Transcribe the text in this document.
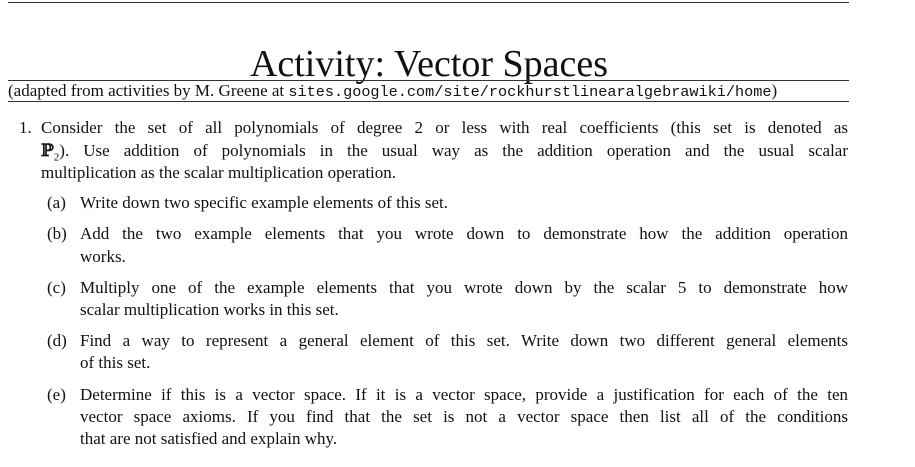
Activity: Vector Spaces
(adapted from activities by M. Greene at sites.google.com/site/rockhurstlinearalgebrawiki/home)
1. Consider the set of all polynomials of degree 2 or less with real coefficients (this set is denoted as
ℙ$_2$). Use addition of polynomials in the usual way as the addition operation and the usual scalar
multiplication as the scalar multiplication operation.
(a) Write down two specific example elements of this set.
(b) Add the two example elements that you wrote down to demonstrate how the addition operation
works.
(c) Multiply one of the example elements that you wrote down by the scalar 5 to demonstrate how
scalar multiplication works in this set.
(d) Find a way to represent a general element of this set. Write down two different general elements
of this set.
(e) Determine if this is a vector space. If it is a vector space, provide a justification for each of the ten
vector space axioms. If you find that the set is not a vector space then list all of the conditions
that are not satisfied and explain why.
